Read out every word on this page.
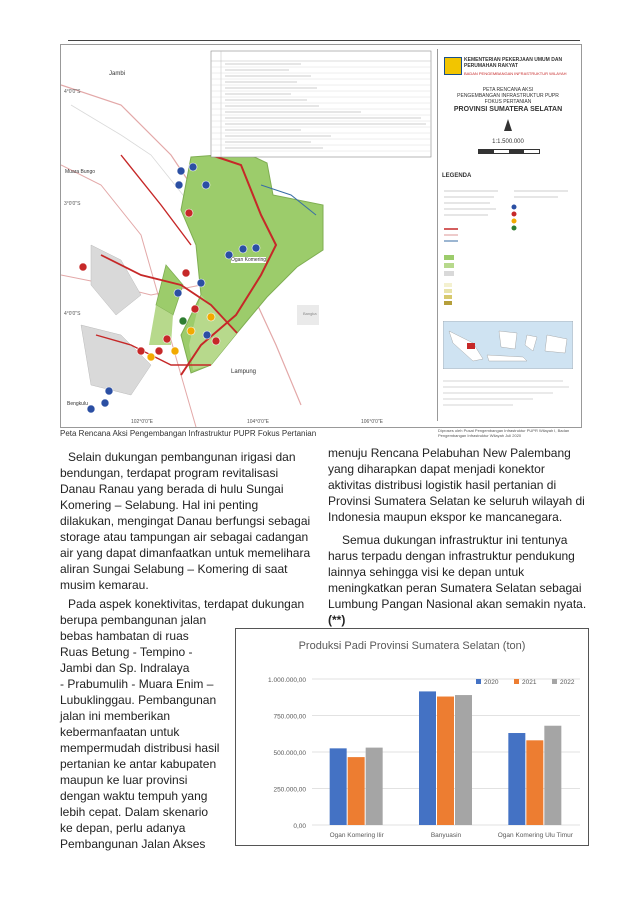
4°0'0"S
3°0'0"S
4°0'0"S
102°0'0"E	104°0'0"E	106°0'0"E
Bangka
Jambi
Muara Bungo
Ogan Komering
Lampung
Bengkulu
KEMENTERIAN PEKERJAAN UMUM DAN PERUMAHAN RAKYAT
BADAN PENGEMBANGAN INFRASTRUKTUR WILAYAH
PETA RENCANA AKSI
PENGEMBANGAN INFRASTRUKTUR PUPR
FOKUS PERTANIAN
PROVINSI SUMATERA SELATAN
1:1.500.000
LEGENDA
Peta Rencana Aksi Pengembangan Infrastruktur PUPR Fokus Pertanian	Diproses oleh Pusat Pengembangan Infrastruktur PUPR Wilayah I, Badan Pengembangan Infrastruktur Wilayah Juli 2020

Selain dukungan pembangunan irigasi dan bendungan, terdapat program revitalisasi Danau Ranau yang berada di hulu Sungai Komering – Selabung. Hal ini penting dilakukan, mengingat Danau berfungsi sebagai storage atau tampungan air sebagai cadangan air yang dapat dimanfaatkan untuk memelihara aliran Sungai Selabung – Komering di saat musim kemarau.

Pada aspek konektivitas, terdapat dukungan
berupa pembangunan jalan
bebas hambatan di ruas
Ruas Betung - Tempino -
Jambi dan Sp. Indralaya
- Prabumulih - Muara Enim –
Lubuklinggau. Pembangunan
jalan ini memberikan
kebermanfaatan untuk
mempermudah distribusi hasil
pertanian ke antar kabupaten
maupun ke luar provinsi
dengan waktu tempuh yang
lebih cepat. Dalam skenario
ke depan, perlu adanya
Pembangunan Jalan Akses

menuju Rencana Pelabuhan New Palembang yang diharapkan dapat menjadi konektor aktivitas distribusi logistik hasil pertanian di Provinsi Sumatera Selatan ke seluruh wilayah di Indonesia maupun ekspor ke mancanegara.

Semua dukungan infrastruktur ini tentunya harus terpadu dengan infrastruktur pendukung lainnya sehingga visi ke depan untuk meningkatkan peran Sumatera Selatan sebagai Lumbung Pangan Nasional akan semakin nyata.(**)

Produksi Padi Provinsi Sumatera Selatan (ton)
0,00
250.000,00
500.000,00
750.000,00
1.000.000,00
Ogan Komering Ilir	Banyuasin	Ogan Komering Ulu Timur
2020	2021	2022
